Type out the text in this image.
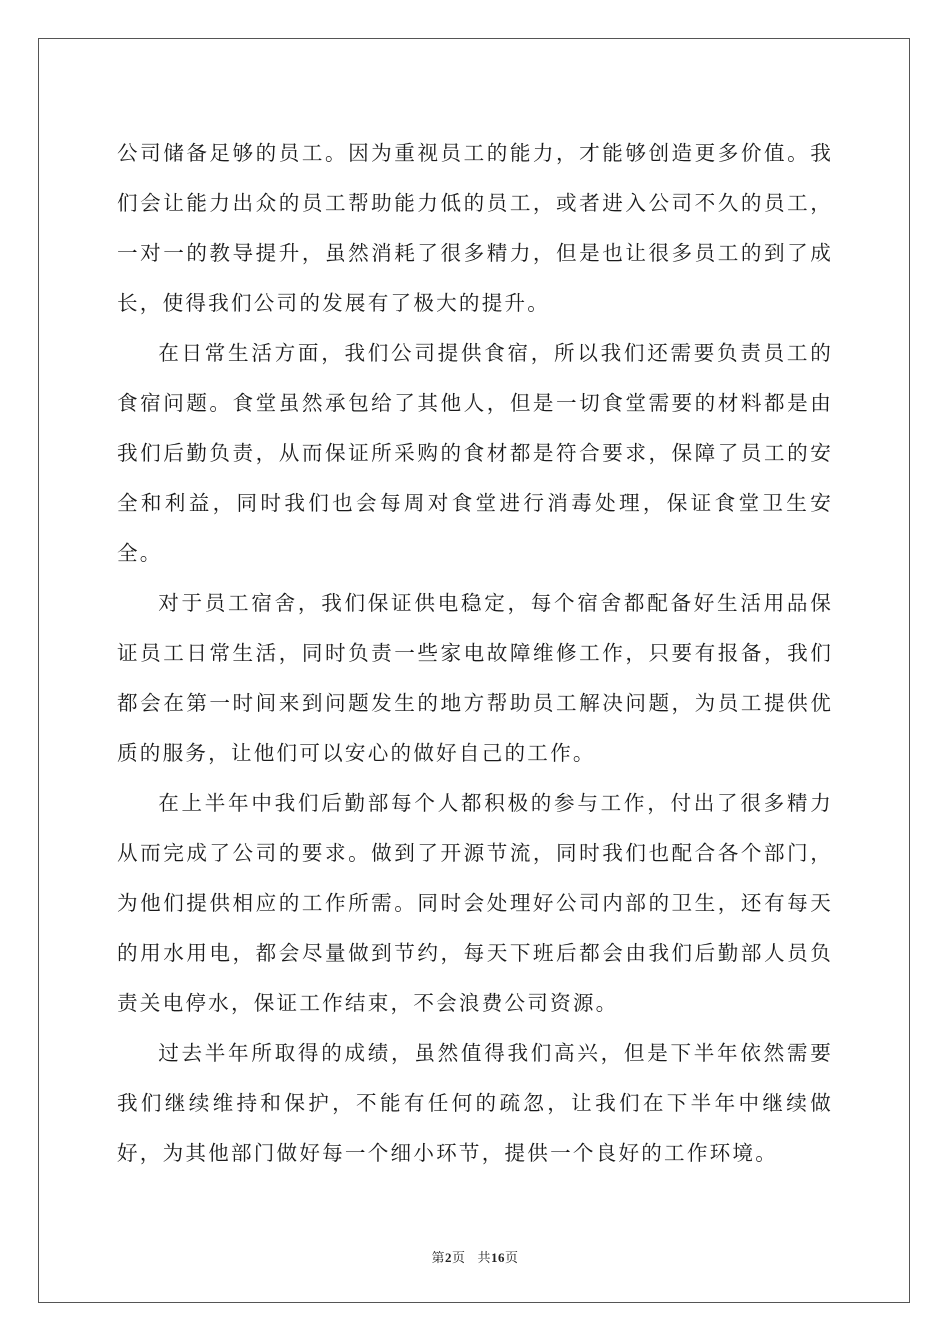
公司储备足够的员工。因为重视员工的能力，才能够创造更多价值。我们会让能力出众的员工帮助能力低的员工，或者进入公司不久的员工，一对一的教导提升，虽然消耗了很多精力，但是也让很多员工的到了成长，使得我们公司的发展有了极大的提升。

在日常生活方面，我们公司提供食宿，所以我们还需要负责员工的食宿问题。食堂虽然承包给了其他人，但是一切食堂需要的材料都是由我们后勤负责，从而保证所采购的食材都是符合要求，保障了员工的安全和利益，同时我们也会每周对食堂进行消毒处理，保证食堂卫生安全。

对于员工宿舍，我们保证供电稳定，每个宿舍都配备好生活用品保证员工日常生活，同时负责一些家电故障维修工作，只要有报备，我们都会在第一时间来到问题发生的地方帮助员工解决问题，为员工提供优质的服务，让他们可以安心的做好自己的工作。

在上半年中我们后勤部每个人都积极的参与工作，付出了很多精力从而完成了公司的要求。做到了开源节流，同时我们也配合各个部门，为他们提供相应的工作所需。同时会处理好公司内部的卫生，还有每天的用水用电，都会尽量做到节约，每天下班后都会由我们后勤部人员负责关电停水，保证工作结束，不会浪费公司资源。

过去半年所取得的成绩，虽然值得我们高兴，但是下半年依然需要我们继续维持和保护，不能有任何的疏忽，让我们在下半年中继续做好，为其他部门做好每一个细小环节，提供一个良好的工作环境。

第2页 共16页
